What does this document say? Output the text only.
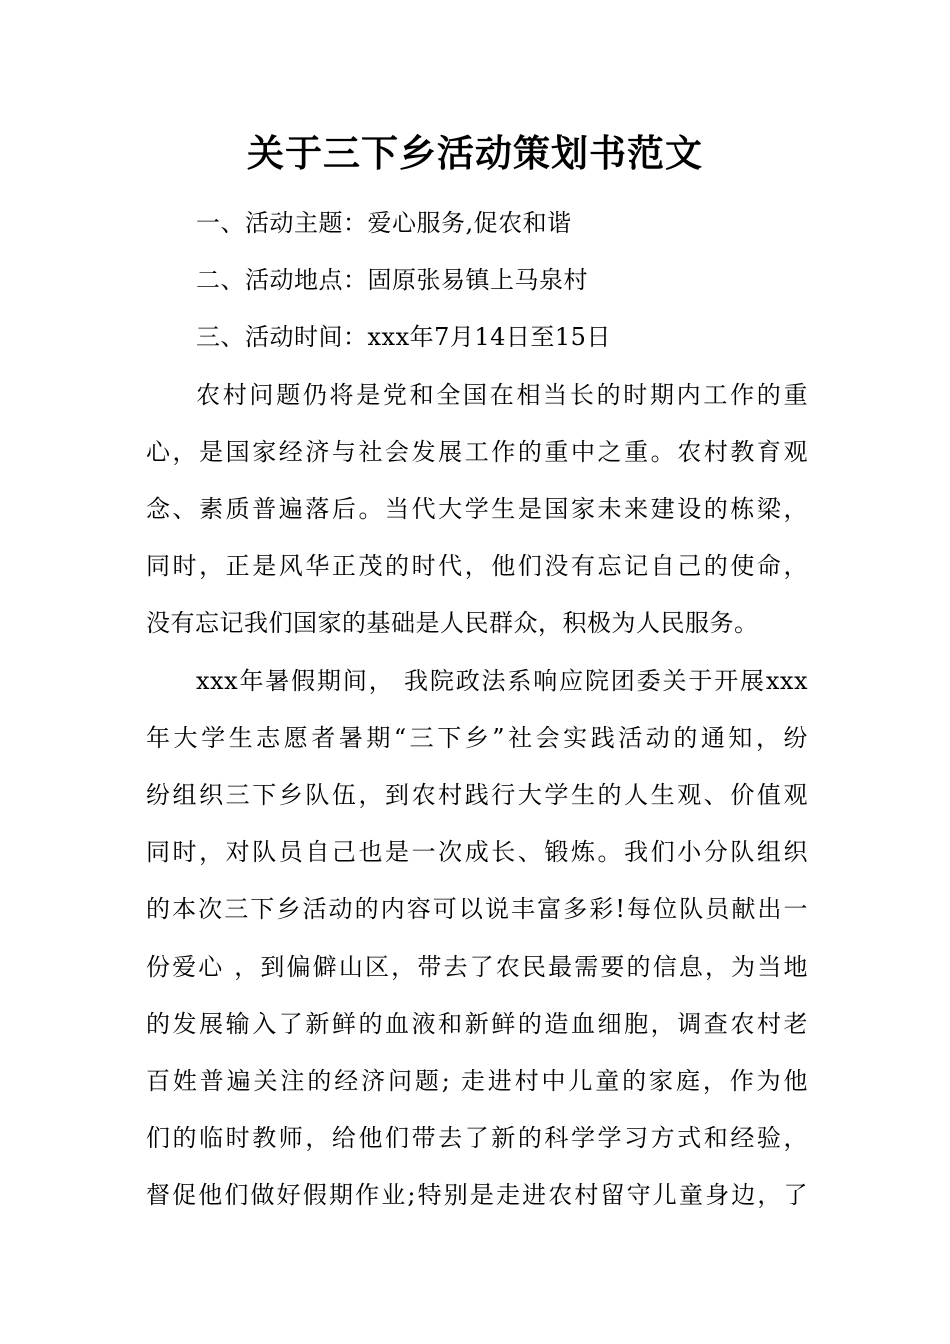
关于三下乡活动策划书范文
一、活动主题：爱心服务,促农和谐
二、活动地点：固原张易镇上马泉村
三、活动时间：xxx年7月14日至15日
农村问题仍将是党和全国在相当长的时期内工作的重
心，是国家经济与社会发展工作的重中之重。农村教育观
念、素质普遍落后。当代大学生是国家未来建设的栋梁，
同时，正是风华正茂的时代，他们没有忘记自己的使命，
没有忘记我们国家的基础是人民群众，积极为人民服务。
xxx年暑假期间， 我院政法系响应院团委关于开展xxx
年大学生志愿者暑期“三下乡”社会实践活动的通知，纷
纷组织三下乡队伍，到农村践行大学生的人生观、价值观
同时，对队员自己也是一次成长、锻炼。我们小分队组织
的本次三下乡活动的内容可以说丰富多彩!每位队员献出一
份爱心 ，到偏僻山区，带去了农民最需要的信息，为当地
的发展输入了新鲜的血液和新鲜的造血细胞，调查农村老
百姓普遍关注的经济问题; 走进村中儿童的家庭，作为他
们的临时教师，给他们带去了新的科学学习方式和经验，
督促他们做好假期作业;特别是走进农村留守儿童身边，了
